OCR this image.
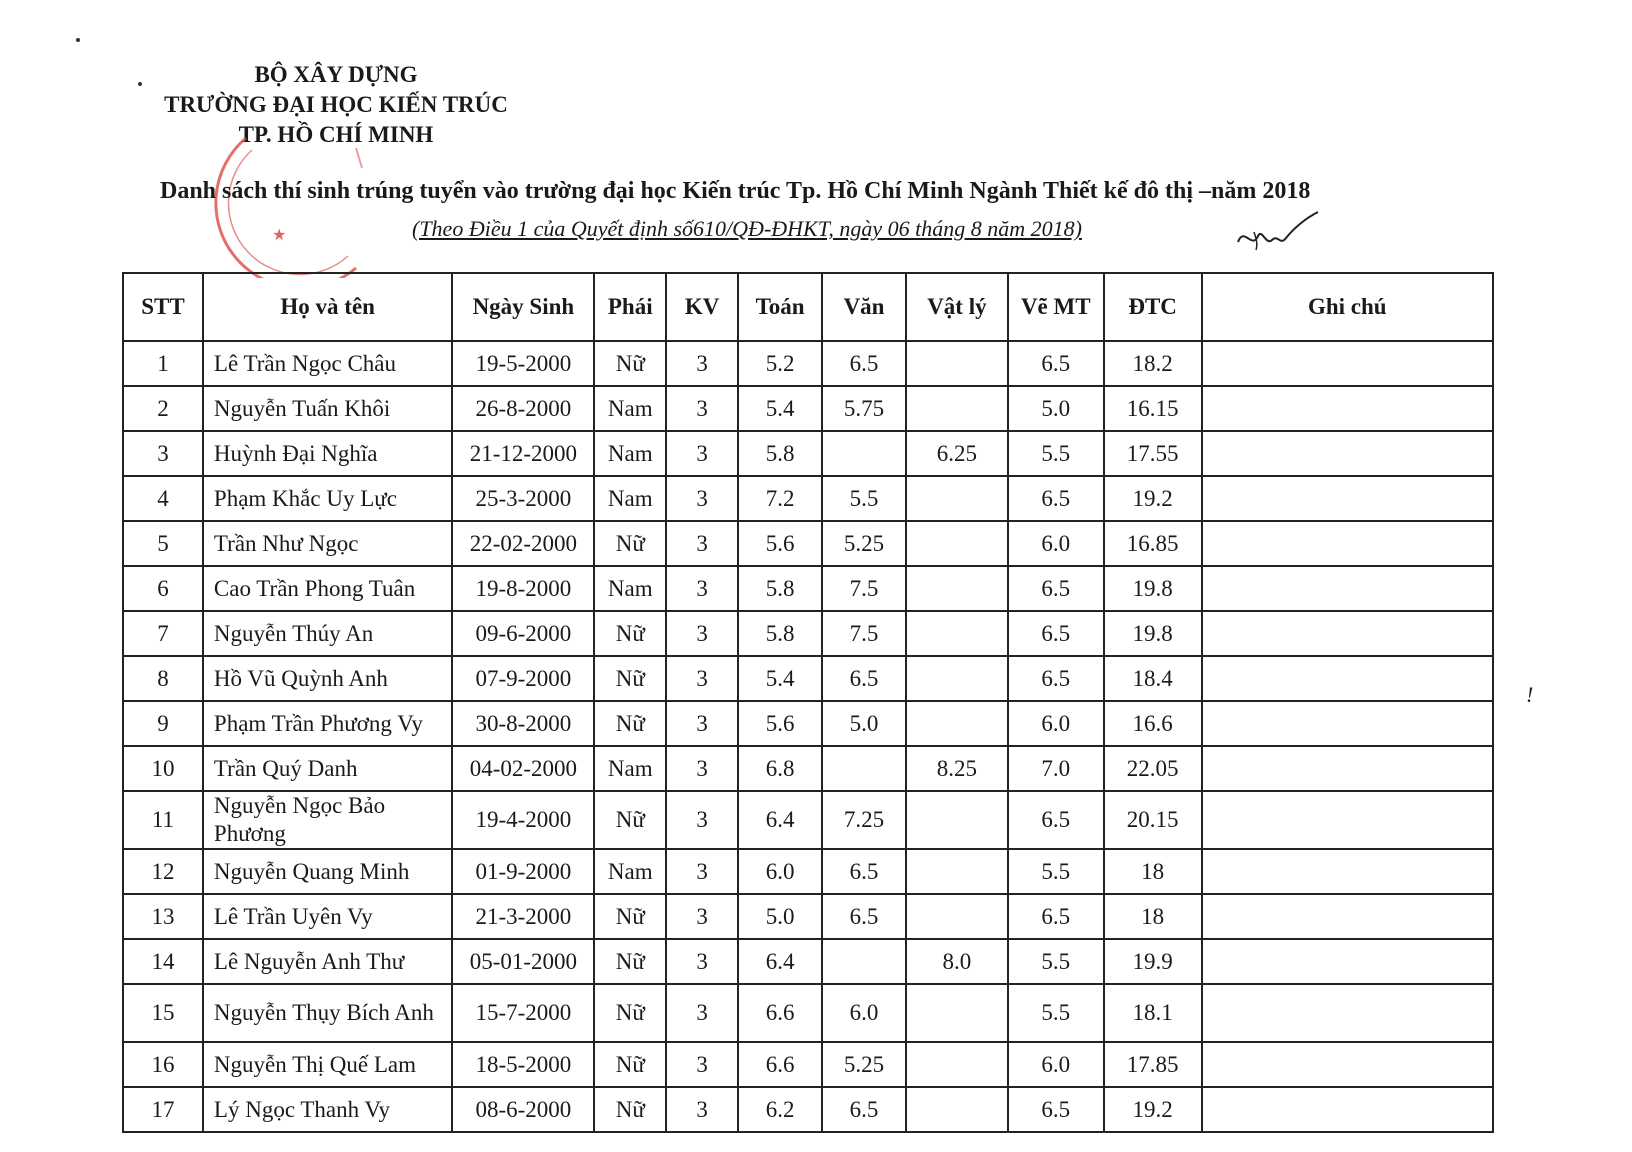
BỘ XÂY DỰNG
TRƯỜNG ĐẠI HỌC KIẾN TRÚC
TP. HỒ CHÍ MINH
★
Danh sách thí sinh trúng tuyển vào trường đại học Kiến trúc Tp. Hồ Chí Minh Ngành Thiết kế đô thị –năm 2018
(Theo Điều 1 của Quyết định số610/QĐ-ĐHKT, ngày 06 tháng 8 năm 2018)
STT	Họ và tên	Ngày Sinh	Phái	KV	Toán	Văn	Vật lý	Vẽ MT	ĐTC	Ghi chú
1	Lê Trần Ngọc Châu	19-5-2000	Nữ	3	5.2	6.5		6.5	18.2	
2	Nguyễn Tuấn Khôi	26-8-2000	Nam	3	5.4	5.75		5.0	16.15	
3	Huỳnh Đại Nghĩa	21-12-2000	Nam	3	5.8		6.25	5.5	17.55	
4	Phạm Khắc Uy Lực	25-3-2000	Nam	3	7.2	5.5		6.5	19.2	
5	Trần Như Ngọc	22-02-2000	Nữ	3	5.6	5.25		6.0	16.85	
6	Cao Trần Phong Tuân	19-8-2000	Nam	3	5.8	7.5		6.5	19.8	
7	Nguyễn Thúy An	09-6-2000	Nữ	3	5.8	7.5		6.5	19.8	
8	Hồ Vũ Quỳnh Anh	07-9-2000	Nữ	3	5.4	6.5		6.5	18.4	
9	Phạm Trần Phương Vy	30-8-2000	Nữ	3	5.6	5.0		6.0	16.6	
10	Trần Quý Danh	04-02-2000	Nam	3	6.8		8.25	7.0	22.05	
11	Nguyễn Ngọc Bảo Phương	19-4-2000	Nữ	3	6.4	7.25		6.5	20.15	
12	Nguyễn Quang Minh	01-9-2000	Nam	3	6.0	6.5		5.5	18	
13	Lê Trần Uyên Vy	21-3-2000	Nữ	3	5.0	6.5		6.5	18	
14	Lê Nguyễn Anh Thư	05-01-2000	Nữ	3	6.4		8.0	5.5	19.9	
15	Nguyễn Thụy Bích Anh	15-7-2000	Nữ	3	6.6	6.0		5.5	18.1	
16	Nguyễn Thị Quế Lam	18-5-2000	Nữ	3	6.6	5.25		6.0	17.85	
17	Lý Ngọc Thanh Vy	08-6-2000	Nữ	3	6.2	6.5		6.5	19.2	
!
